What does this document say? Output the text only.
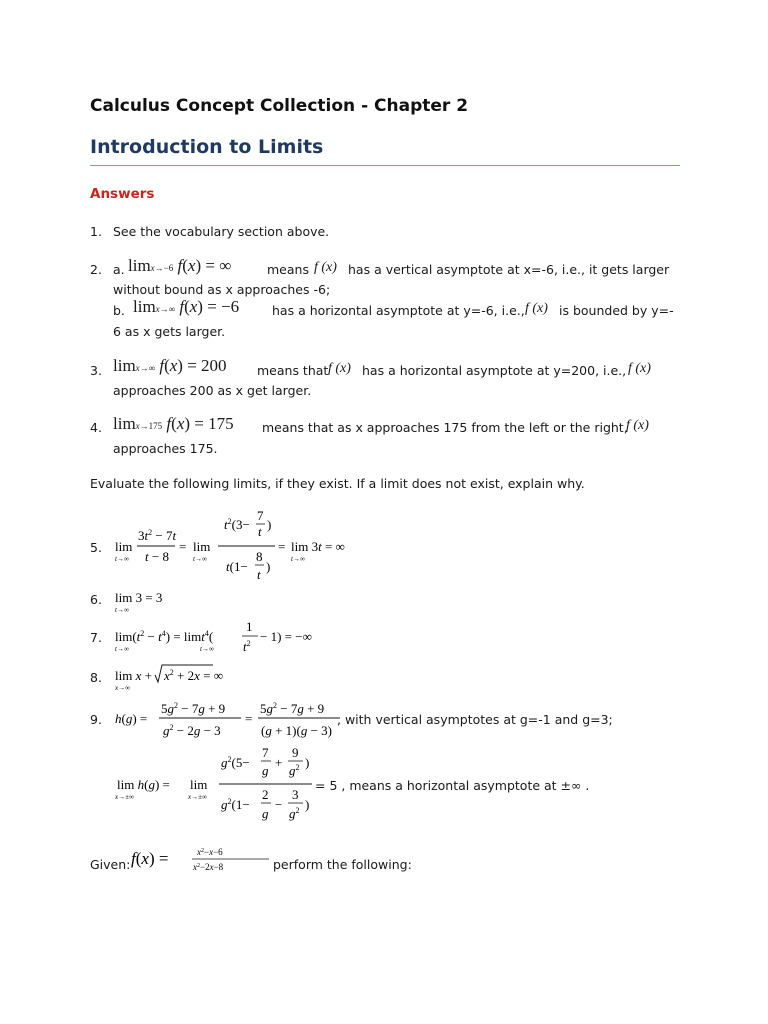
Calculus Concept Collection - Chapter 2
Introduction to Limits
Answers
1. See the vocabulary section above.
2. a. limx→−6 f(x) = ∞	means f (x) has a vertical asymptote at x=-6, i.e., it gets larger
without bound as x approaches -6;
b. limx→∞ f(x) = −6	has a horizontal asymptote at y=-6, i.e., f (x) is bounded by y=-
6 as x gets larger.
3. limx→∞ f(x) = 200 means that f (x) has a horizontal asymptote at y=200, i.e., f (x)
approaches 200 as x get larger.
4. limx→175 f(x) = 175 means that as x approaches 175 from the left or the right,
f (x)
approaches 175.
Evaluate the following limits, if they exist. If a limit does not exist, explain why.
5. lim
t→∞
$3t^2 - 7t$
t − 8
= lim
t→∞
$t^2(3-$
7
t )
t(1−
8
t
)
= lim 3t = ∞
t→∞
6. lim 3 = 3
t→∞
7. $\lim(t^2 - t^4) = \lim t^4$(
t→∞	t→∞
1
$t^2 - 1$) = −∞
8. lim x +
x→∞
$x^2 + 2x$ = ∞
9. h(g) =
$5g^2 - 7g + 9$
$g^2 - 2g - 3$
=
$5g^2 - 7g + 9$
(g + 1)(g − 3)
, with vertical asymptotes at g=-1 and g=3;
lim h(g) =
x→±∞
lim
x→±∞
$g^2(5-$
7
g
+
9
$g^2$ )
$g^2(1-$
2
g
−
3
$g^2$ )
= 5 , means a horizontal asymptote at ±∞ .
Given: f(x) =	$x^2-x-6$
$x^2-2x-8$	perform the following:
